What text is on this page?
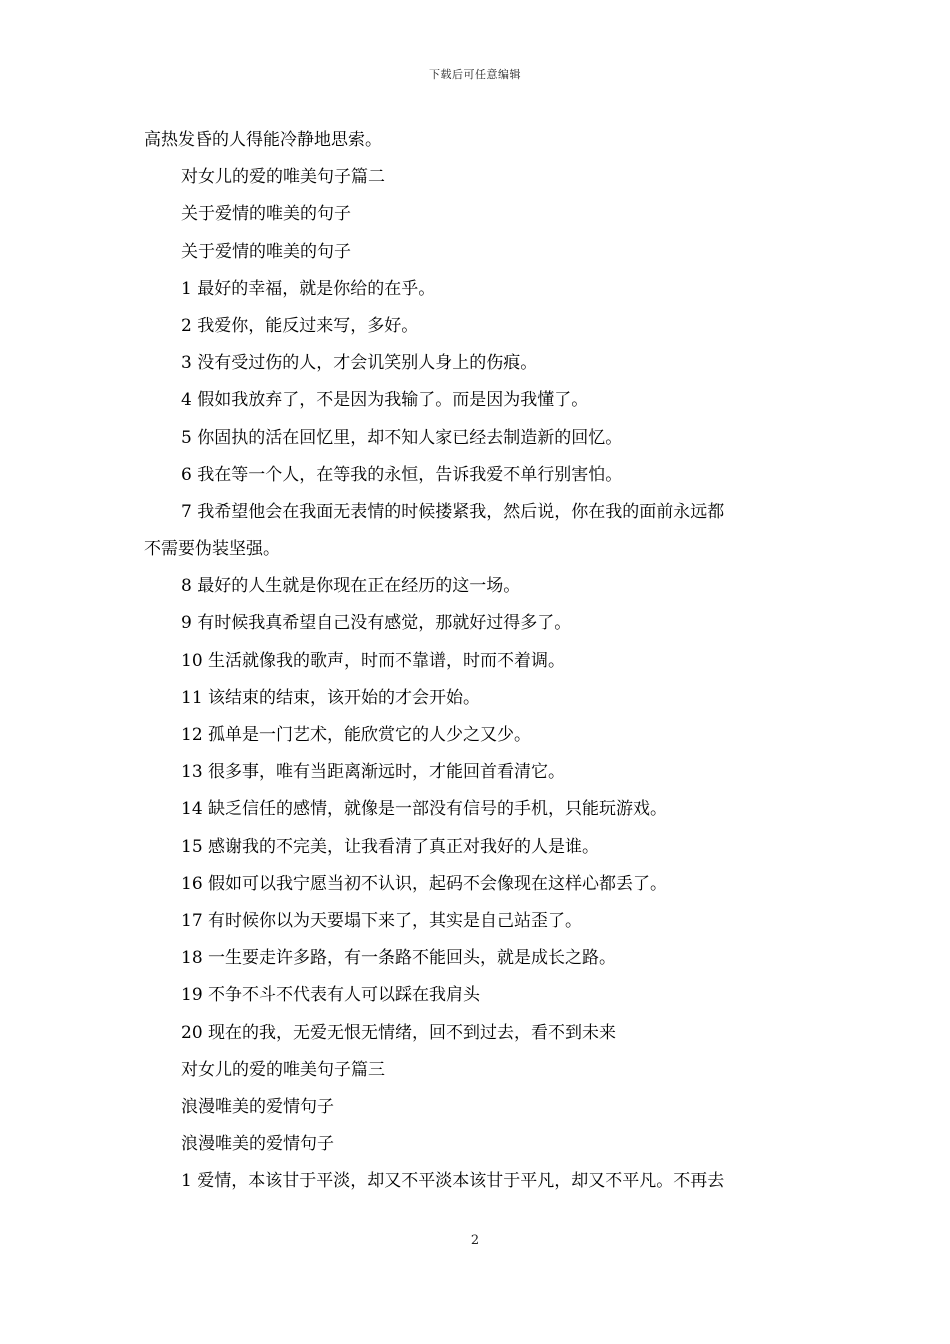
下载后可任意编辑
高热发昏的人得能冷静地思索。
对女儿的爱的唯美句子篇二
关于爱情的唯美的句子
关于爱情的唯美的句子
1 最好的幸福，就是你给的在乎。
2 我爱你，能反过来写，多好。
3 没有受过伤的人，才会讥笑别人身上的伤痕。
4 假如我放弃了，不是因为我输了。而是因为我懂了。
5 你固执的活在回忆里，却不知人家已经去制造新的回忆。
6 我在等一个人，在等我的永恒，告诉我爱不单行别害怕。
7 我希望他会在我面无表情的时候搂紧我，然后说，你在我的面前永远都
不需要伪装坚强。
8 最好的人生就是你现在正在经历的这一场。
9 有时候我真希望自己没有感觉，那就好过得多了。
10 生活就像我的歌声，时而不靠谱，时而不着调。
11 该结束的结束，该开始的才会开始。
12 孤单是一门艺术，能欣赏它的人少之又少。
13 很多事，唯有当距离渐远时，才能回首看清它。
14 缺乏信任的感情，就像是一部没有信号的手机，只能玩游戏。
15 感谢我的不完美，让我看清了真正对我好的人是谁。
16 假如可以我宁愿当初不认识，起码不会像现在这样心都丢了。
17 有时候你以为天要塌下来了，其实是自己站歪了。
18 一生要走许多路，有一条路不能回头，就是成长之路。
19 不争不斗不代表有人可以踩在我肩头
20 现在的我，无爱无恨无情绪，回不到过去，看不到未来
对女儿的爱的唯美句子篇三
浪漫唯美的爱情句子
浪漫唯美的爱情句子
1 爱情，本该甘于平淡，却又不平淡本该甘于平凡，却又不平凡。不再去
2
